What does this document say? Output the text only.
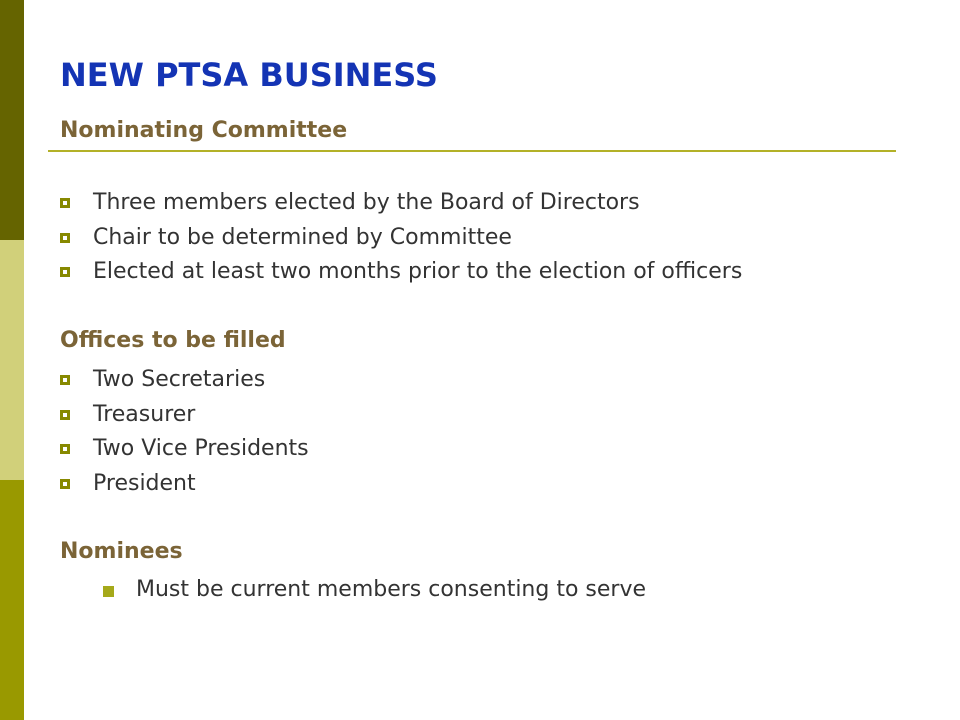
NEW PTSA BUSINESS
Nominating Committee
Three members elected by the Board of Directors
Chair to be determined by Committee
Elected at least two months prior to the election of officers
Offices to be filled
Two Secretaries
Treasurer
Two Vice Presidents
President
Nominees
Must be current members consenting to serve
